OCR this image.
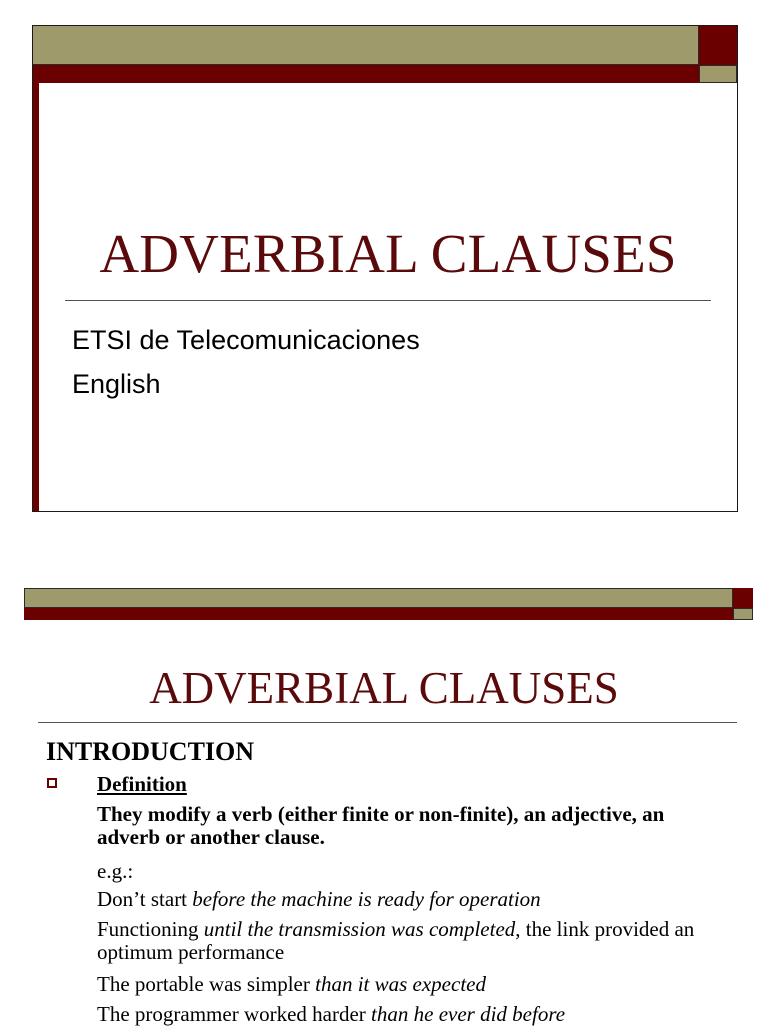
ADVERBIAL CLAUSES
ETSI de Telecomunicaciones
English
ADVERBIAL CLAUSES
INTRODUCTION
Definition
They modify a verb (either finite or non-finite), an adjective, an adverb or another clause.
e.g.:
Don’t start before the machine is ready for operation
Functioning until the transmission was completed, the link provided an optimum performance
The portable was simpler than it was expected
The programmer worked harder than he ever did before
